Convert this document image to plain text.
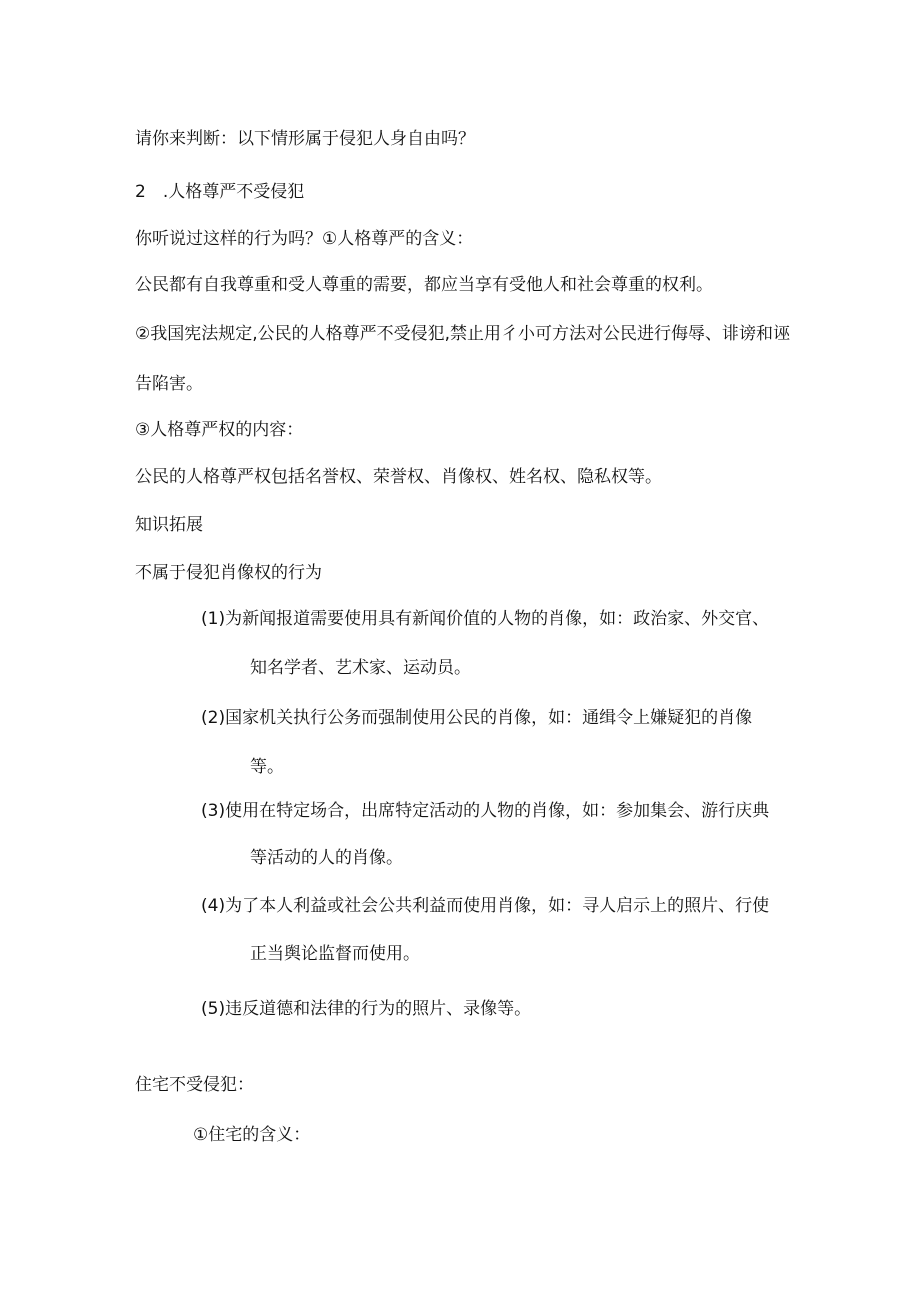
请你来判断：以下情形属于侵犯人身自由吗？
2　.人格尊严不受侵犯
你听说过这样的行为吗？①人格尊严的含义：
公民都有自我尊重和受人尊重的需要，都应当享有受他人和社会尊重的权利。
②我国宪法规定,公民的人格尊严不受侵犯,禁止用彳小可方法对公民进行侮辱、诽谤和诬
告陷害。
③人格尊严权的内容：
公民的人格尊严权包括名誉权、荣誉权、肖像权、姓名权、隐私权等。
知识拓展
不属于侵犯肖像权的行为
(1)为新闻报道需要使用具有新闻价值的人物的肖像，如：政治家、外交官、
知名学者、艺术家、运动员。
(2)国家机关执行公务而强制使用公民的肖像，如：通缉令上嫌疑犯的肖像
等。
(3)使用在特定场合，出席特定活动的人物的肖像，如：参加集会、游行庆典
等活动的人的肖像。
(4)为了本人利益或社会公共利益而使用肖像，如：寻人启示上的照片、行使
正当舆论监督而使用。
(5)违反道德和法律的行为的照片、录像等。
住宅不受侵犯：
①住宅的含义：
